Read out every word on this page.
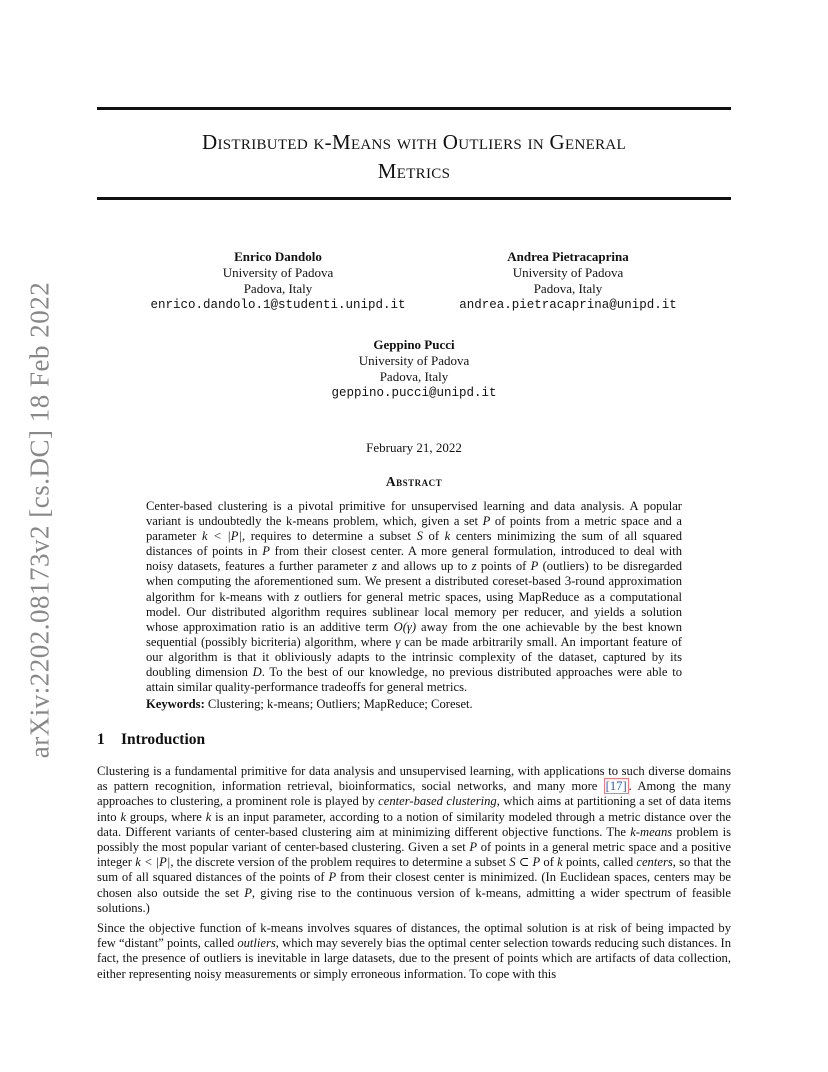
arXiv:2202.08173v2 [cs.DC] 18 Feb 2022
Distributed k-Means with Outliers in General
Metrics
Enrico Dandolo
University of Padova
Padova, Italy
enrico.dandolo.1@studenti.unipd.it
Andrea Pietracaprina
University of Padova
Padova, Italy
andrea.pietracaprina@unipd.it
Geppino Pucci
University of Padova
Padova, Italy
geppino.pucci@unipd.it
February 21, 2022
Abstract

Center-based clustering is a pivotal primitive for unsupervised learning and data analysis. A popular variant is undoubtedly the k-means problem, which, given a set P of points from a metric space and a parameter k < |P|, requires to determine a subset S of k centers minimizing the sum of all squared distances of points in P from their closest center. A more general formulation, introduced to deal with noisy datasets, features a further parameter z and allows up to z points of P (outliers) to be disregarded when computing the aforementioned sum. We present a distributed coreset-based 3-round approximation algorithm for k-means with z outliers for general metric spaces, using MapReduce as a computational model. Our distributed algorithm requires sublinear local memory per reducer, and yields a solution whose approximation ratio is an additive term O(γ) away from the one achievable by the best known sequential (possibly bicriteria) algorithm, where γ can be made arbitrarily small. An important feature of our algorithm is that it obliviously adapts to the intrinsic complexity of the dataset, captured by its doubling dimension D. To the best of our knowledge, no previous distributed approaches were able to attain similar quality-performance tradeoffs for general metrics.

Keywords: Clustering; k-means; Outliers; MapReduce; Coreset.

1 Introduction

Clustering is a fundamental primitive for data analysis and unsupervised learning, with applications to such diverse domains as pattern recognition, information retrieval, bioinformatics, social networks, and many more [17] . Among the many approaches to clustering, a prominent role is played by center-based clustering, which aims at partitioning a set of data items into k groups, where k is an input parameter, according to a notion of similarity modeled through a metric distance over the data. Different variants of center-based clustering aim at minimizing different objective functions. The k-means problem is possibly the most popular variant of center-based clustering. Given a set P of points in a general metric space and a positive integer k < |P|, the discrete version of the problem requires to determine a subset S ⊂ P of k points, called centers, so that the sum of all squared distances of the points of P from their closest center is minimized. (In Euclidean spaces, centers may be chosen also outside the set P, giving rise to the continuous version of k-means, admitting a wider spectrum of feasible solutions.)

Since the objective function of k-means involves squares of distances, the optimal solution is at risk of being impacted by few “distant” points, called outliers, which may severely bias the optimal center selection towards reducing such distances. In fact, the presence of outliers is inevitable in large datasets, due to the present of points which are artifacts of data collection, either representing noisy measurements or simply erroneous information. To cope with this
